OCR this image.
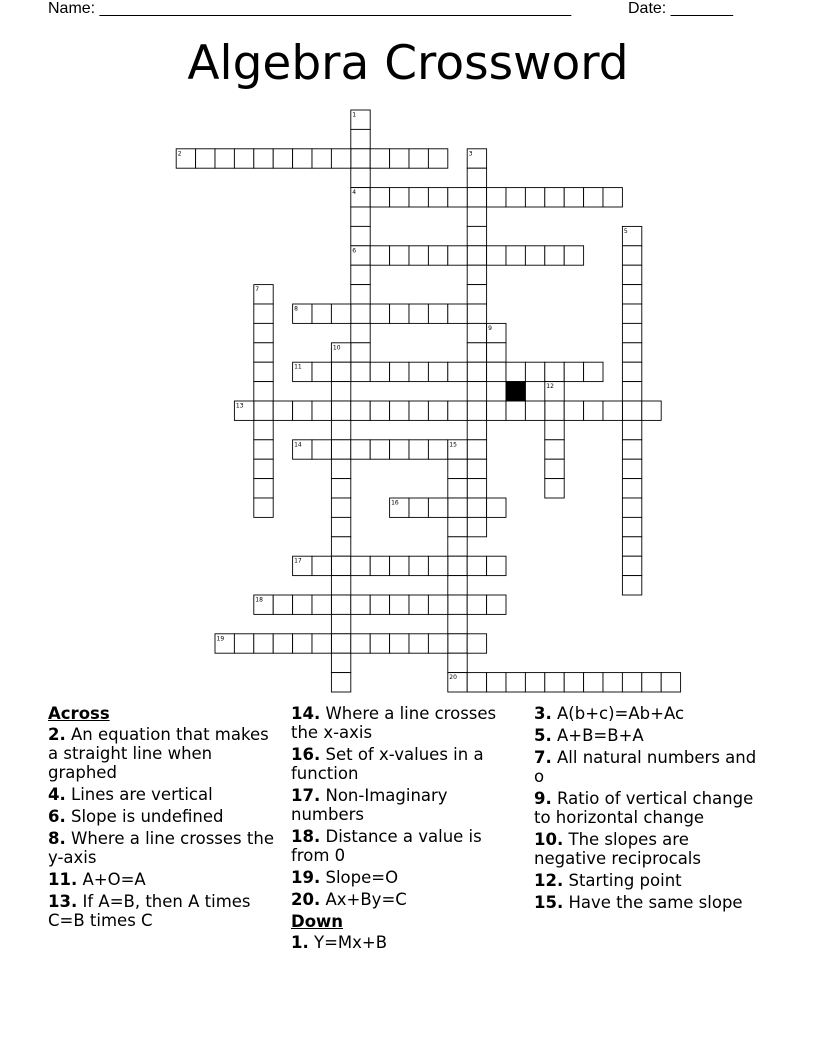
Name: _____________________________________________________	Date: _______
Algebra Crossword
1
2	3
4
5
6
7
8
9
10
11
12
13
14	15
16
17
18
19
20
Across
2. An equation that makes a straight line when graphed
4. Lines are vertical
6. Slope is undefined
8. Where a line crosses the y-axis
11. A+O=A
13. If A=B, then A times C=B times C
14. Where a line crosses the x-axis
16. Set of x-values in a function
17. Non-Imaginary numbers
18. Distance a value is from 0
19. Slope=O
20. Ax+By=C
Down
1. Y=Mx+B
3. A(b+c)=Ab+Ac
5. A+B=B+A
7. All natural numbers and o
9. Ratio of vertical change to horizontal change
10. The slopes are negative reciprocals
12. Starting point
15. Have the same slope
